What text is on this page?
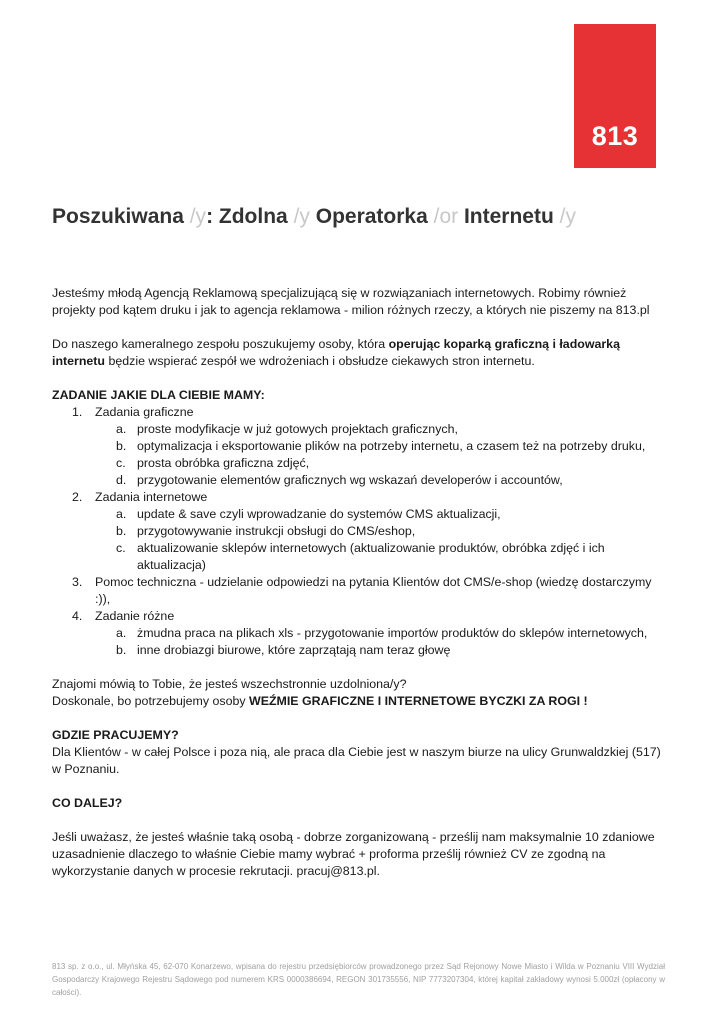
813
Poszukiwana /y: Zdolna /y Operatorka /or Internetu /y

Jesteśmy młodą Agencją Reklamową specjalizującą się w rozwiązaniach internetowych. Robimy również projekty pod kątem druku i jak to agencja reklamowa - milion różnych rzeczy, a których nie piszemy na 813.pl

Do naszego kameralnego zespołu poszukujemy osoby, która operując koparką graficzną i ładowarką internetu będzie wspierać zespół we wdrożeniach i obsłudze ciekawych stron internetu.

ZADANIE JAKIE DLA CIEBIE MAMY:

1. Zadania graficzne
a. proste modyfikacje w już gotowych projektach graficznych,
b. optymalizacja i eksportowanie plików na potrzeby internetu, a czasem też na potrzeby druku,
c. prosta obróbka graficzna zdjęć,
d. przygotowanie elementów graficznych wg wskazań developerów i accountów,
2. Zadania internetowe
a. update & save czyli wprowadzanie do systemów CMS aktualizacji,
b. przygotowywanie instrukcji obsługi do CMS/eshop,
c. aktualizowanie sklepów internetowych (aktualizowanie produktów, obróbka zdjęć i ich aktualizacja)
3. Pomoc techniczna - udzielanie odpowiedzi na pytania Klientów dot CMS/e-shop (wiedzę dostarczymy :)),
4. Zadanie różne
a. żmudna praca na plikach xls - przygotowanie importów produktów do sklepów internetowych,
b. inne drobiazgi biurowe, które zaprzątają nam teraz głowę

Znajomi mówią to Tobie, że jesteś wszechstronnie uzdolniona/y?

Doskonale, bo potrzebujemy osoby WEŹMIE GRAFICZNE I INTERNETOWE BYCZKI ZA ROGI !

GDZIE PRACUJEMY?

Dla Klientów - w całej Polsce i poza nią, ale praca dla Ciebie jest w naszym biurze na ulicy Grunwaldzkiej (517) w Poznaniu.

CO DALEJ?

Jeśli uważasz, że jesteś właśnie taką osobą - dobrze zorganizowaną - prześlij nam maksymalnie 10 zdaniowe uzasadnienie dlaczego to właśnie Ciebie mamy wybrać + proforma prześlij również CV ze zgodną na wykorzystanie danych w procesie rekrutacji. pracuj@813.pl.

813 sp. z o.o., ul. Młyńska 45, 62-070 Konarzewo, wpisana do rejestru przedsiębiorców prowadzonego przez Sąd Rejonowy Nowe Miasto i Wilda w Poznaniu VIII Wydział Gospodarczy Krajowego Rejestru Sądowego pod numerem KRS 0000386694, REGON 301735556, NIP 7773207304, której kapitał zakładowy wynosi 5.000zł (opłacony w całości).
